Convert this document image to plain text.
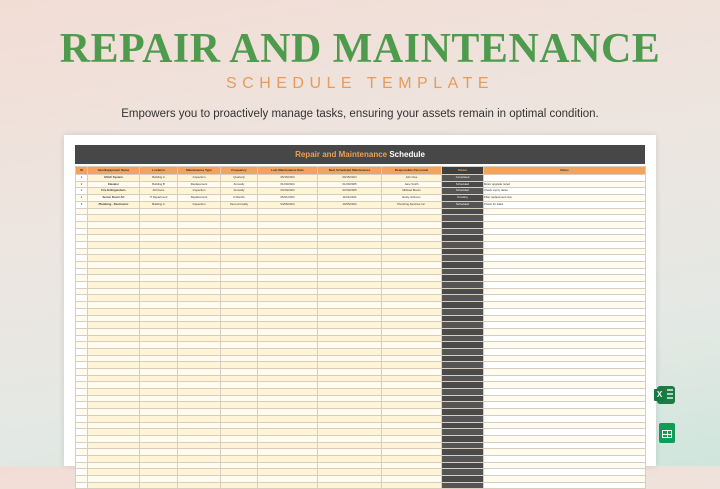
REPAIR AND MAINTENANCE
SCHEDULE TEMPLATE
Empowers you to proactively manage tasks, ensuring your assets remain in optimal condition.
Repair and Maintenance Schedule
ID	Item/Equipment Name	Location	Maintenance Type	Frequency	Last Maintenance Date	Next Scheduled Maintenance	Responsible Personnel	Status	Notes
1	HVAC System	Building A	Inspection	Quarterly	06/15/2024	09/15/2024	John Doe	Completed	
2	Elevator	Building B	Replacement	Annually	01/20/2024	01/20/2025	Jane Smith	Scheduled	Motor upgrade noted
3	Fire Extinguishers	All Floors	Inspection	Annually	03/10/2024	03/10/2025	Michael Brown	Scheduled	Check expiry dates
4	Server Room AC	IT Department	Replacement	6 Months	05/01/2024	11/01/2024	Emily Johnson	Pending	Filter replacement due
5	Plumbing - Restrooms	Building C	Inspection	Semi-Annually	04/05/2024	10/05/2024	Plumbing Services Inc.	Scheduled	Check for leaks

X
